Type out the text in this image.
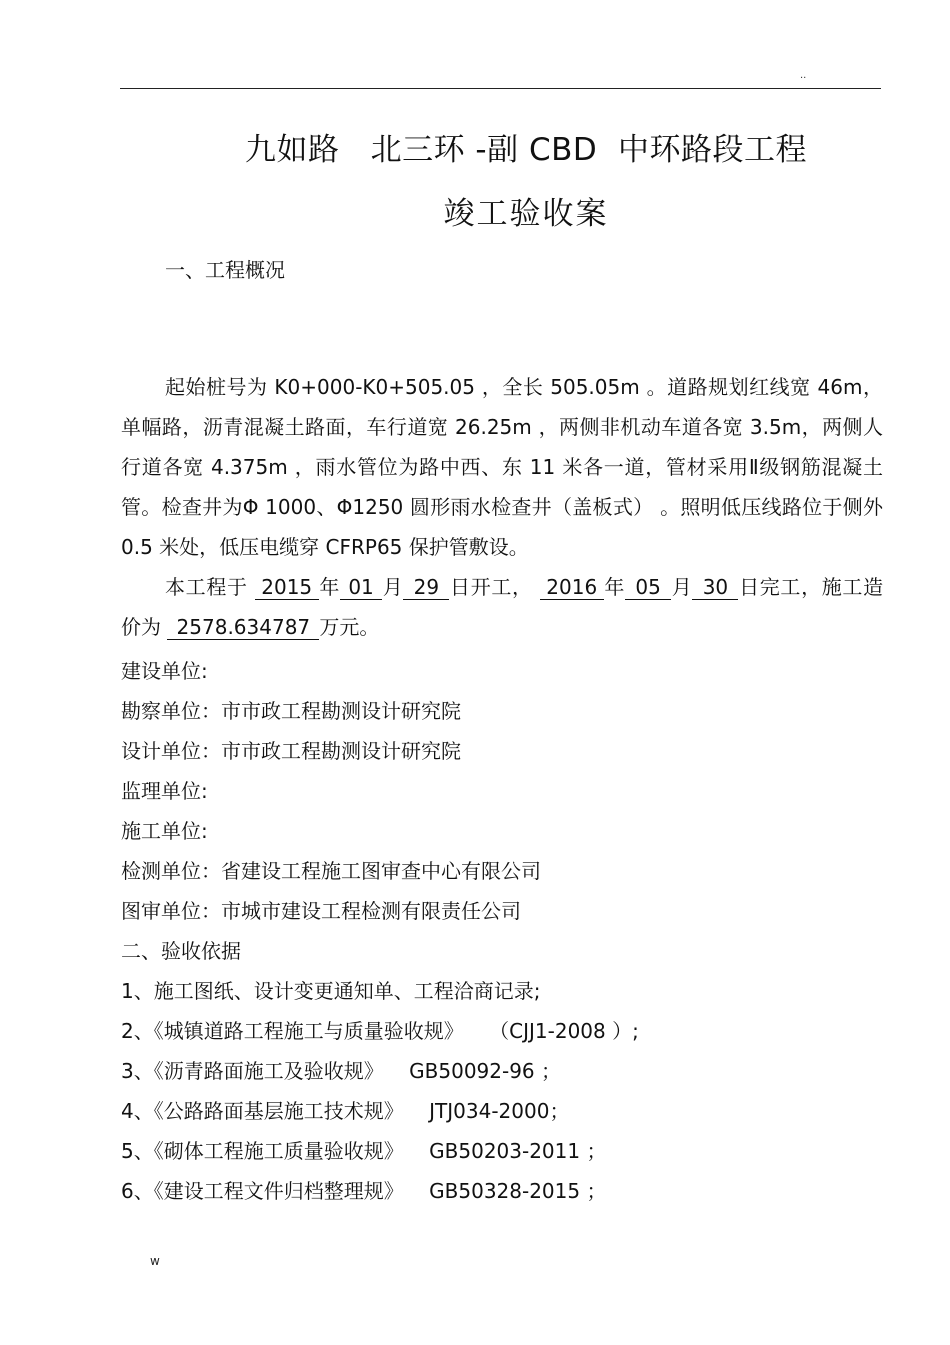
..
九如路   北三环 -副 CBD  中环路段工程
竣工验收案
一、工程概况

起始桩号为 K0+000-K0+505.05 ，全长 505.05m 。道路规划红线宽 46m，单幅路，沥青混凝土路面，车行道宽 26.25m ，两侧非机动车道各宽 3.5m，两侧人行道各宽 4.375m ，雨水管位为路中西、东 11 米各一道，管材采用Ⅱ级钢筋混凝土管。检查井为Φ 1000、Φ1250 圆形雨水检查井（盖板式） 。照明低压线路位于侧外 0.5 米处，低压电缆穿 CFRP65 保护管敷设。

本工程于 2015 年 01 月 29 日开工， 2016 年 05 月 30 日完工，施工造价为 2578.634787 万元。

建设单位:
勘察单位：市市政工程勘测设计研究院
设计单位：市市政工程勘测设计研究院
监理单位:
施工单位:
检测单位：省建设工程施工图审查中心有限公司
图审单位：市城市建设工程检测有限责任公司
二、验收依据
1、施工图纸、设计变更通知单、工程洽商记录;
2、《城镇道路工程施工与质量验收规》    （CJJ1-2008 ）;
3、《沥青路面施工及验收规》    GB50092-96 ；
4、《公路路面基层施工技术规》    JTJ034-2000；
5、《砌体工程施工质量验收规》    GB50203-2011 ；
6、《建设工程文件归档整理规》    GB50328-2015 ；
w
